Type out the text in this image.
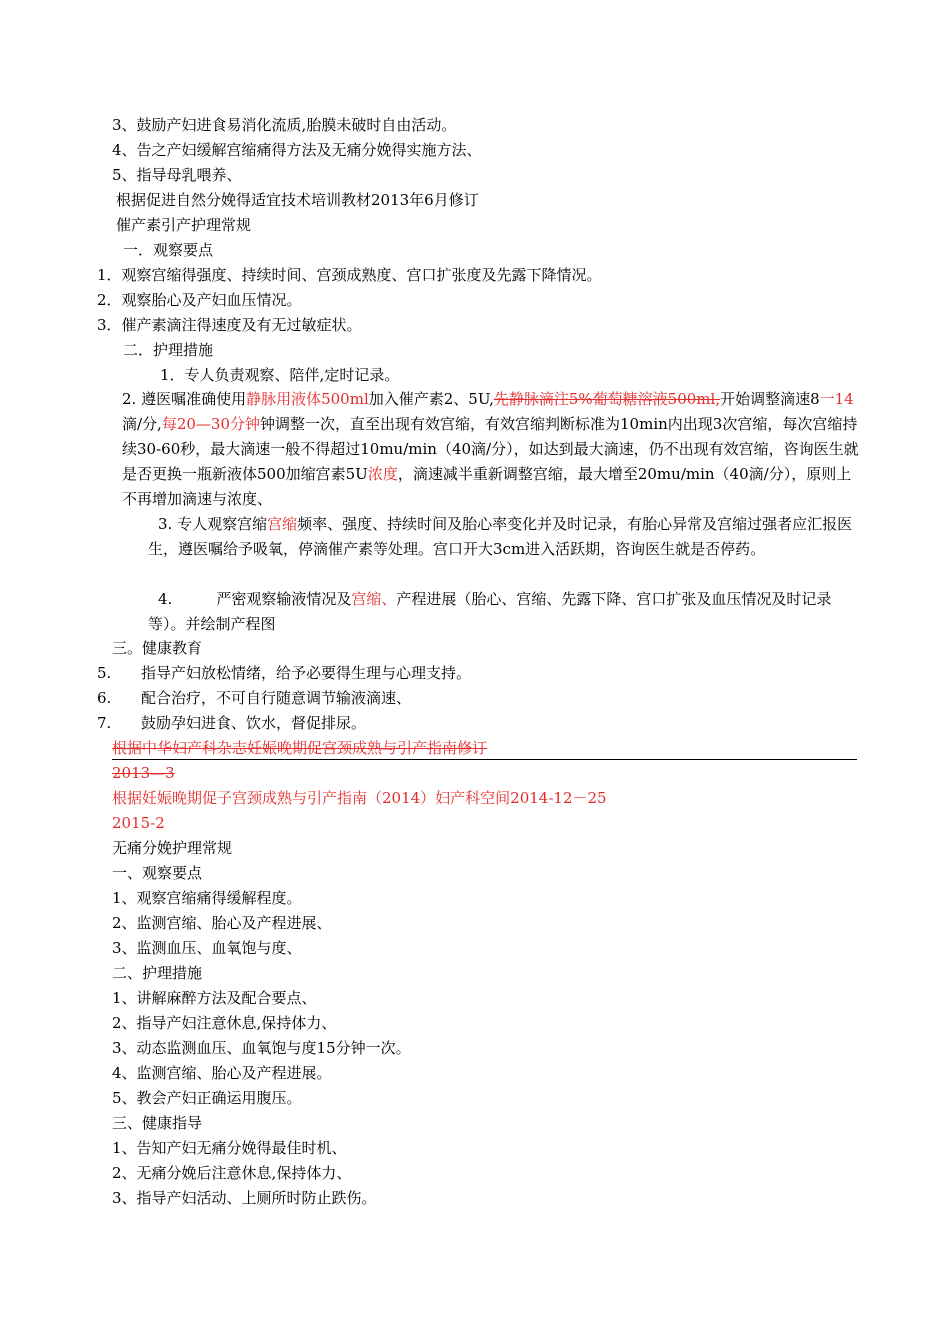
3、鼓励产妇进食易消化流质,胎膜未破时自由活动。
4、告之产妇缓解宫缩痛得方法及无痛分娩得实施方法、
5、指导母乳喂养、
根据促进自然分娩得适宜技术培训教材2013年6月修订
催产素引产护理常规
一．观察要点
1．观察宫缩得强度、持续时间、宫颈成熟度、宫口扩张度及先露下降情况。
2．观察胎心及产妇血压情况。
3．催产素滴注得速度及有无过敏症状。
二．护理措施
1．专人负责观察、陪伴,定时记录。
2. 遵医嘱准确使用静脉用液体500ml加入催产素2、5U,先静脉滴注5%葡萄糖溶液500ml,开始调整滴速8一14滴/分,每20—30分钟钟调整一次，直至出现有效宫缩，有效宫缩判断标准为10min内出现3次宫缩，每次宫缩持续30-60秒，最大滴速一般不得超过10mu/min（40滴/分），如达到最大滴速，仍不出现有效宫缩，咨询医生就是否更换一瓶新液体500加缩宫素5U浓度，滴速减半重新调整宫缩，最大增至20mu/min（40滴/分），原则上不再增加滴速与浓度、
3. 专人观察宫缩宫缩频率、强度、持续时间及胎心率变化并及时记录，有胎心异常及宫缩过强者应汇报医生，遵医嘱给予吸氧，停滴催产素等处理。宫口开大3cm进入活跃期，咨询医生就是否停药。
4.	严密观察输液情况及宫缩、产程进展（胎心、宫缩、先露下降、宫口扩张及血压情况及时记录等）。并绘制产程图
三。健康教育
5. 指导产妇放松情绪，给予必要得生理与心理支持。
6. 配合治疗，不可自行随意调节输液滴速、
7. 鼓励孕妇进食、饮水，督促排尿。
根据中华妇产科杂志妊娠晚期促宫颈成熟与引产指南修订
2013—3
根据妊娠晚期促子宫颈成熟与引产指南（2014）妇产科空间2014-12－25
2015-2
无痛分娩护理常规
一、观察要点
1、观察宫缩痛得缓解程度。
2、监测宫缩、胎心及产程进展、
3、监测血压、血氧饱与度、
二、护理措施
1、讲解麻醉方法及配合要点、
2、指导产妇注意休息,保持体力、
3、动态监测血压、血氧饱与度15分钟一次。
4、监测宫缩、胎心及产程进展。
5、教会产妇正确运用腹压。
三、健康指导
1、告知产妇无痛分娩得最佳时机、
2、无痛分娩后注意休息,保持体力、
3、指导产妇活动、上厕所时防止跌伤。
